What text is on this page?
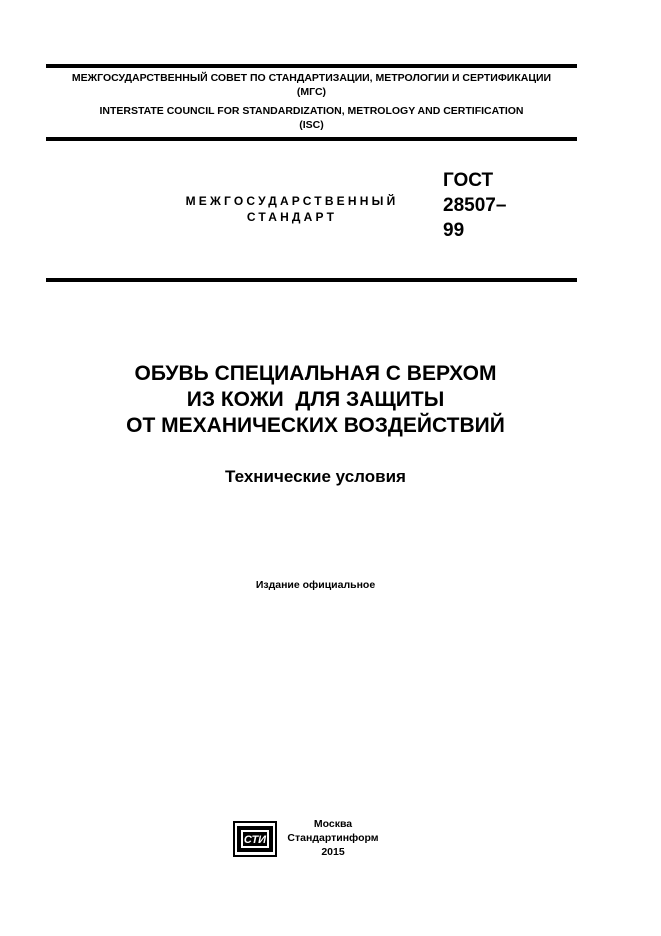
МЕЖГОСУДАРСТВЕННЫЙ СОВЕТ ПО СТАНДАРТИЗАЦИИ, МЕТРОЛОГИИ И СЕРТИФИКАЦИИ
(МГС)
INTERSTATE COUNCIL FOR STANDARDIZATION, METROLOGY AND CERTIFICATION
(ISC)
МЕЖГОСУДАРСТВЕННЫЙ
СТАНДАРТ
ГОСТ
28507–
99
ОБУВЬ СПЕЦИАЛЬНАЯ С ВЕРХОМ
ИЗ КОЖИ  ДЛЯ ЗАЩИТЫ
ОТ МЕХАНИЧЕСКИХ ВОЗДЕЙСТВИЙ
Технические условия
Издание официальное
СТИ
Москва
Стандартинформ
2015
